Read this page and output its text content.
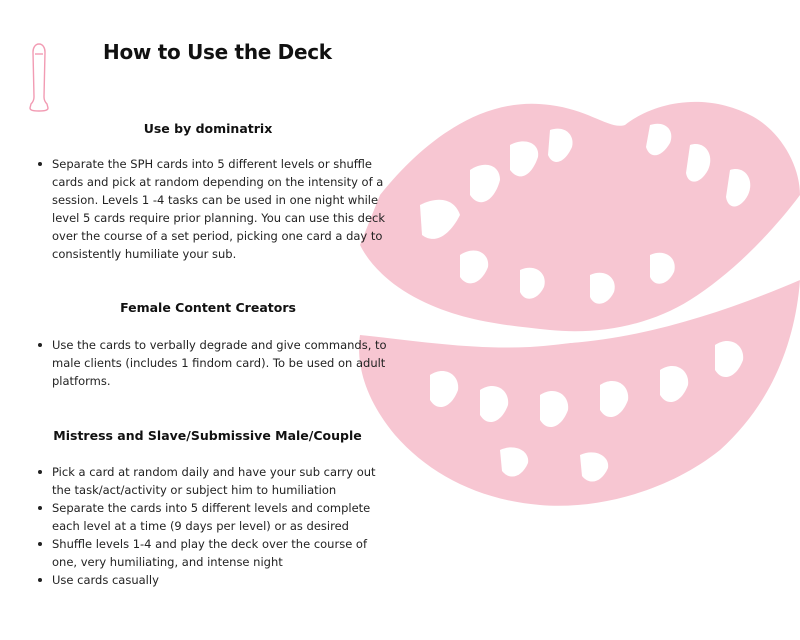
How to Use the Deck
Use by dominatrix
Separate the SPH cards into 5 different levels or shuffle cards and pick at random depending on the intensity of a session. Levels 1 -4 tasks can be used in one night while level 5 cards require prior planning. You can use this deck over the course of a set period, picking one card a day to consistently humiliate your sub.
Female Content Creators
Use the cards to verbally degrade and give commands, to male clients (includes 1 findom card). To be used on adult platforms.
Mistress and Slave/Submissive Male/Couple
Pick a card at random daily and have your sub carry out the task/act/activity or subject him to humiliation
Separate the cards into 5 different levels and complete each level at a time (9 days per level) or as desired
Shuffle levels 1-4 and play the deck over the course of one, very humiliating, and intense night
Use cards casually
